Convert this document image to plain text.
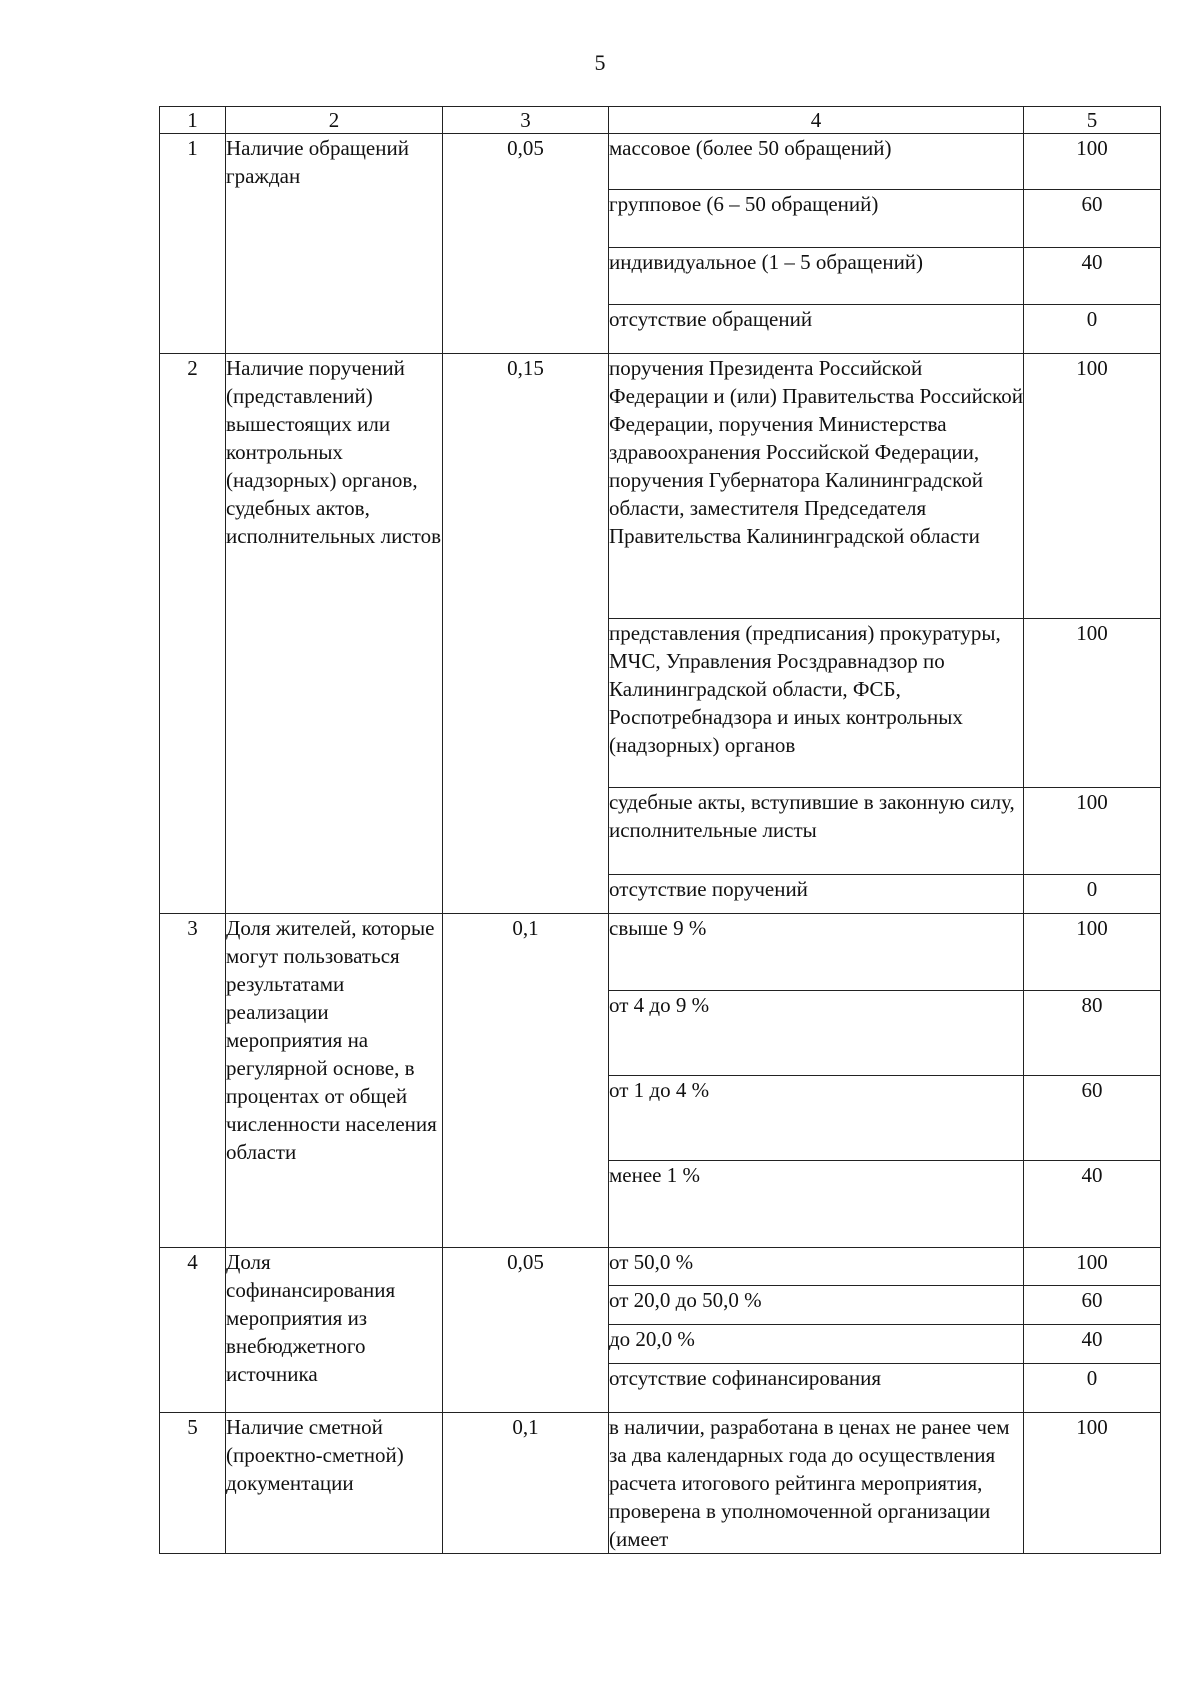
5
1	2	3	4	5
1	Наличие обращений граждан	0,05	массовое (более 50 обращений)	100
			групповое (6 – 50 обращений)	60
			индивидуальное (1 – 5 обращений)	40
			отсутствие обращений	0
2	Наличие поручений (представлений) вышестоящих или контрольных (надзорных) органов, судебных актов, исполнительных листов	0,15	поручения Президента Российской Федерации и (или) Правительства Российской Федерации, поручения Министерства здравоохранения Российской Федерации, поручения Губернатора Калининградской области, заместителя Председателя Правительства Калининградской области	100
			представления (предписания) прокуратуры, МЧС, Управления Росздравнадзор по Калининградской области, ФСБ, Роспотребнадзора и иных контрольных (надзорных) органов	100
			судебные акты, вступившие в законную силу, исполнительные листы	100
			отсутствие поручений	0
3	Доля жителей, которые могут пользоваться результатами реализации мероприятия на регулярной основе, в процентах от общей численности населения области	0,1	свыше 9 %	100
			от 4 до 9 %	80
			от 1 до 4 %	60
			менее 1 %	40
4	Доля софинансирования мероприятия из внебюджетного источника	0,05	от 50,0 %	100
			от 20,0 до 50,0 %	60
			до 20,0 %	40
			отсутствие софинансирования	0
5	Наличие сметной (проектно-сметной) документации	0,1	в наличии, разработана в ценах не ранее чем за два календарных года до осуществления расчета итогового рейтинга мероприятия, проверена в уполномоченной организации (имеет	100
